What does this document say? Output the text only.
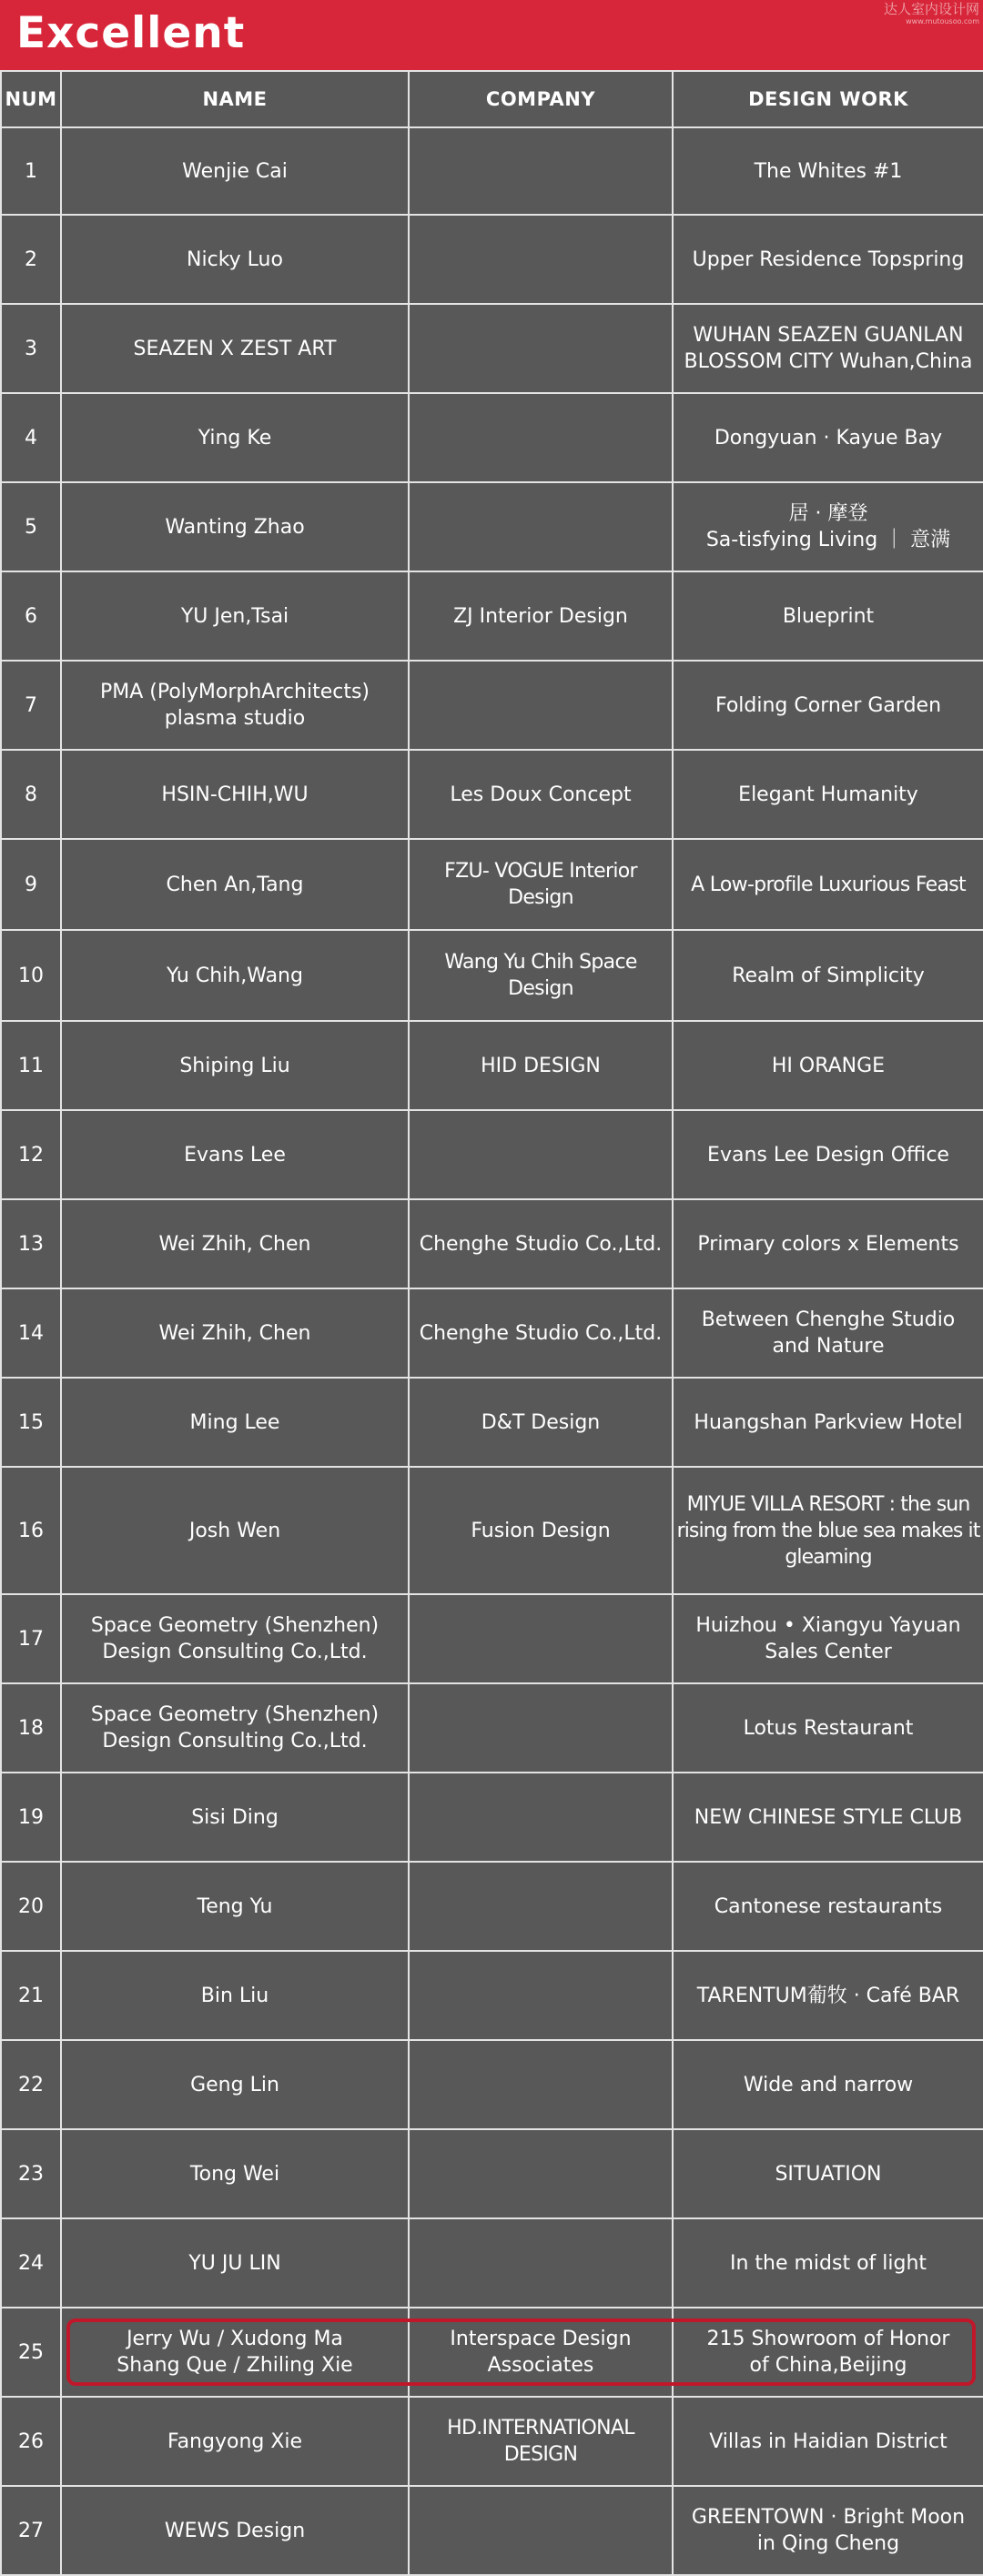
Excellent	达人室内设计网
www.mutousoo.com
NUM	NAME	COMPANY	DESIGN WORK
1	Wenjie Cai		The Whites #1
2	Nicky Luo		Upper Residence Topspring
3	SEAZEN X ZEST ART		WUHAN SEAZEN GUANLAN
BLOSSOM CITY Wuhan,China
4	Ying Ke		Dongyuan · Kayue Bay
5	Wanting Zhao		居 · 摩登
Sa-tisfying Living ｜ 意满
6	YU Jen,Tsai	ZJ Interior Design	Blueprint
7	PMA (PolyMorphArchitects)
plasma studio		Folding Corner Garden
8	HSIN-CHIH,WU	Les Doux Concept	Elegant Humanity
9	Chen An,Tang	FZU- VOGUE Interior Design	A Low-profile Luxurious Feast
10	Yu Chih,Wang	Wang Yu Chih Space Design	Realm of Simplicity
11	Shiping Liu	HID DESIGN	HI ORANGE
12	Evans Lee		Evans Lee Design Office
13	Wei Zhih, Chen	Chenghe Studio Co.,Ltd.	Primary colors x Elements
14	Wei Zhih, Chen	Chenghe Studio Co.,Ltd.	Between Chenghe Studio
and Nature
15	Ming Lee	D&T Design	Huangshan Parkview Hotel
16	Josh Wen	Fusion Design	MIYUE VILLA RESORT : the sun
rising from the blue sea makes it
gleaming
17	Space Geometry (Shenzhen)
Design Consulting Co.,Ltd.		Huizhou • Xiangyu Yayuan
Sales Center
18	Space Geometry (Shenzhen)
Design Consulting Co.,Ltd.		Lotus Restaurant
19	Sisi Ding		NEW CHINESE STYLE CLUB
20	Teng Yu		Cantonese restaurants
21	Bin Liu		TARENTUM葡牧 · Café BAR
22	Geng Lin		Wide and narrow
23	Tong Wei		SITUATION
24	YU JU LIN		In the midst of light
25	Jerry Wu / Xudong Ma
Shang Que / Zhiling Xie	Interspace Design
Associates	215 Showroom of Honor
of China,Beijing
26	Fangyong Xie	HD.INTERNATIONAL DESIGN	Villas in Haidian District
27	WEWS Design		GREENTOWN · Bright Moon
in Qing Cheng
